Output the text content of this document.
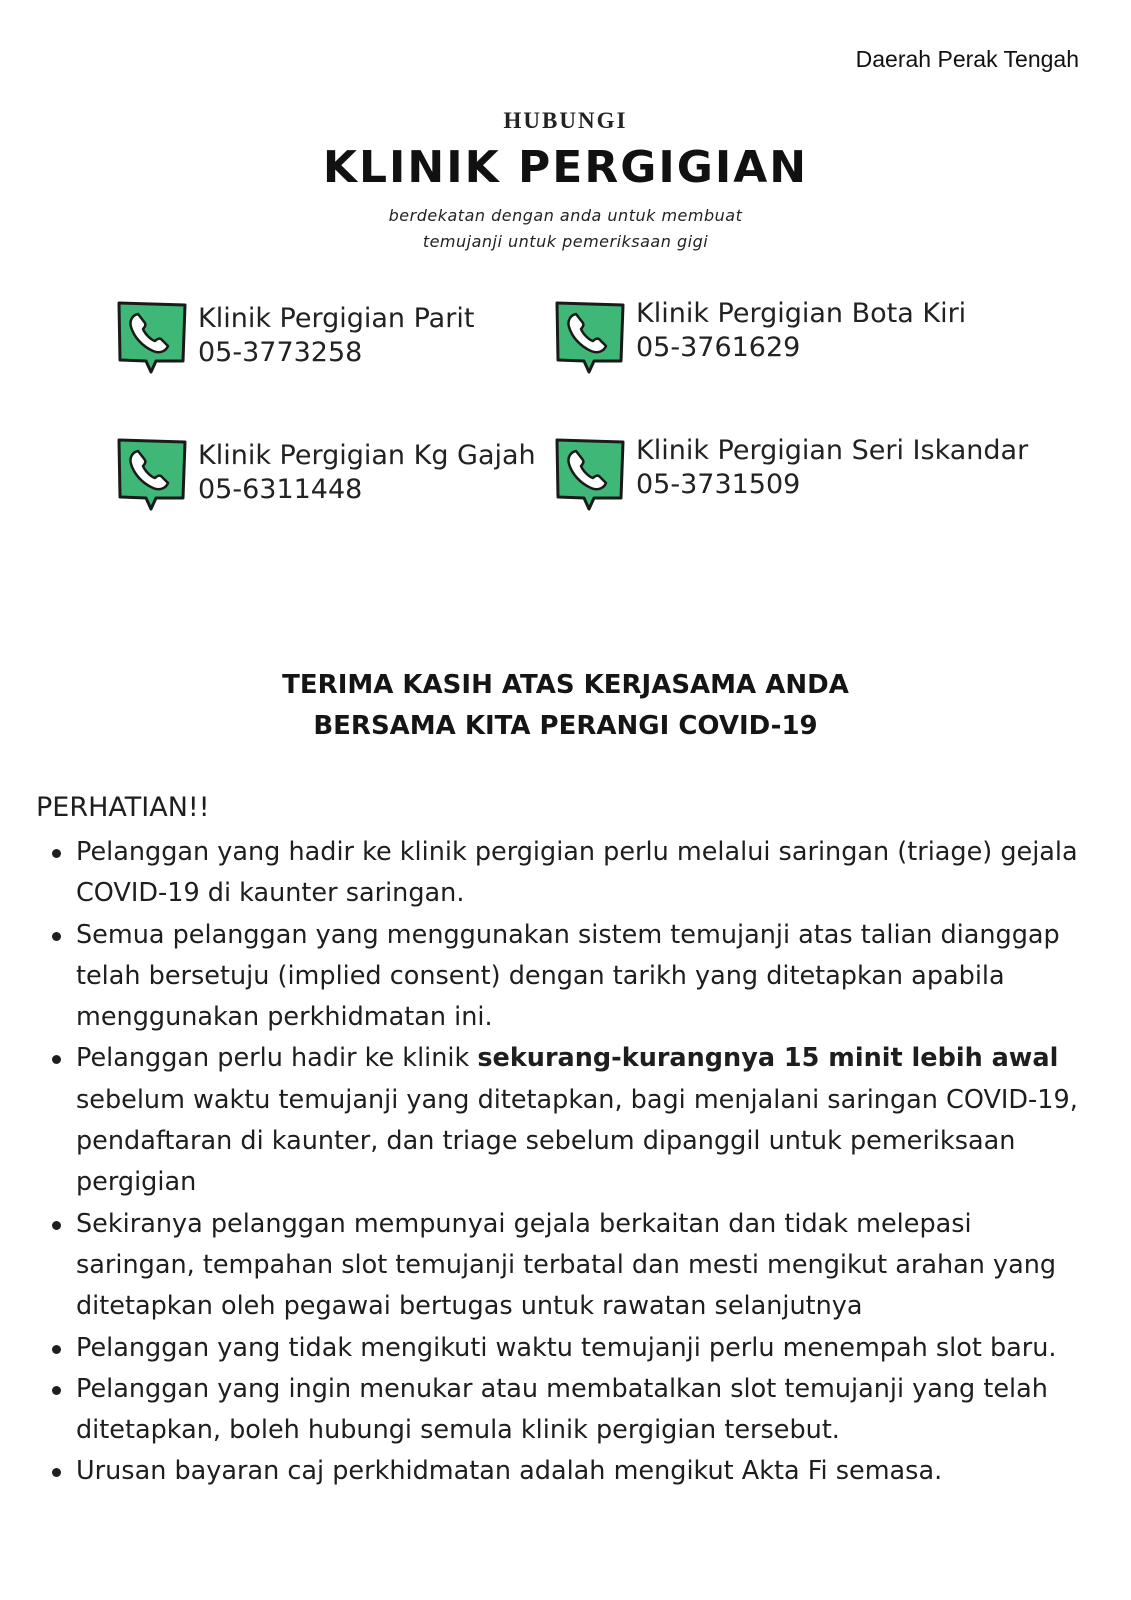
Daerah Perak Tengah
HUBUNGI
KLINIK PERGIGIAN
berdekatan dengan anda untuk membuat
temujanji untuk pemeriksaan gigi
Klinik Pergigian Parit
05-3773258
Klinik Pergigian Bota Kiri
05-3761629
Klinik Pergigian Kg Gajah
05-6311448
Klinik Pergigian Seri Iskandar
05-3731509
TERIMA KASIH ATAS KERJASAMA ANDA
BERSAMA KITA PERANGI COVID-19
PERHATIAN!!
Pelanggan yang hadir ke klinik pergigian perlu melalui saringan (triage) gejala COVID-19 di kaunter saringan.
Semua pelanggan yang menggunakan sistem temujanji atas talian dianggap telah bersetuju (implied consent) dengan tarikh yang ditetapkan apabila menggunakan perkhidmatan ini.
Pelanggan perlu hadir ke klinik sekurang-kurangnya 15 minit lebih awal sebelum waktu temujanji yang ditetapkan, bagi menjalani saringan COVID-19, pendaftaran di kaunter, dan triage sebelum dipanggil untuk pemeriksaan pergigian
Sekiranya pelanggan mempunyai gejala berkaitan dan tidak melepasi saringan, tempahan slot temujanji terbatal dan mesti mengikut arahan yang ditetapkan oleh pegawai bertugas untuk rawatan selanjutnya
Pelanggan yang tidak mengikuti waktu temujanji perlu menempah slot baru.
Pelanggan yang ingin menukar atau membatalkan slot temujanji yang telah ditetapkan, boleh hubungi semula klinik pergigian tersebut.
Urusan bayaran caj perkhidmatan adalah mengikut Akta Fi semasa.
